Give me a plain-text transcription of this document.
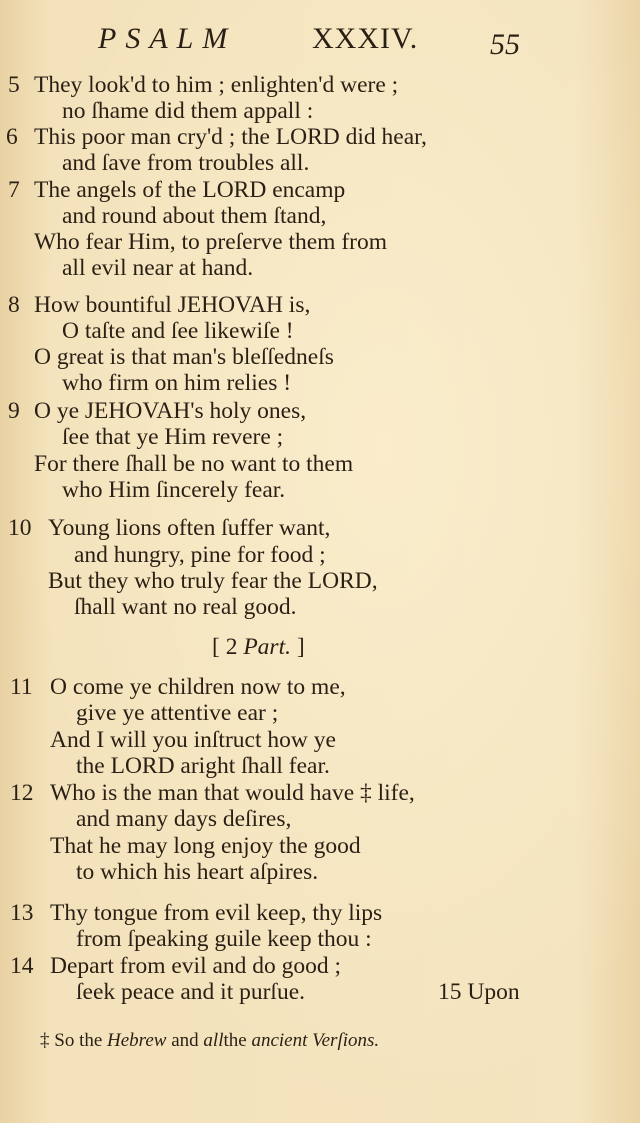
PSALM	XXXIV. 55
5 They look'd to him ; enlighten'd were ;
no ſhame did them appall :
6 This poor man cry'd ; the LORD did hear,
and ſave from troubles all.
7 The angels of the LORD encamp
and round about them ſtand,
Who fear Him, to preſerve them from
all evil near at hand.
8 How bountiful JEHOVAH is,
O taſte and ſee likewiſe !
O great is that man's bleſſedneſs
who firm on him relies !
9 O ye JEHOVAH's holy ones,
ſee that ye Him revere ;
For there ſhall be no want to them
who Him ſincerely fear.
10 Young lions often ſuffer want,
and hungry, pine for food ;
But they who truly fear the LORD,
ſhall want no real good.
[ 2 Part. ]
11 O come ye children now to me,
give ye attentive ear ;
And I will you inſtruct how ye
the LORD aright ſhall fear.
12 Who is the man that would have ‡ life,
and many days deſires,
That he may long enjoy the good
to which his heart aſpires.
13 Thy tongue from evil keep, thy lips
from ſpeaking guile keep thou :
14 Depart from evil and do good ;
ſeek peace and it purſue.	15 Upon
‡ So the Hebrew and allthe ancient Verſions.
